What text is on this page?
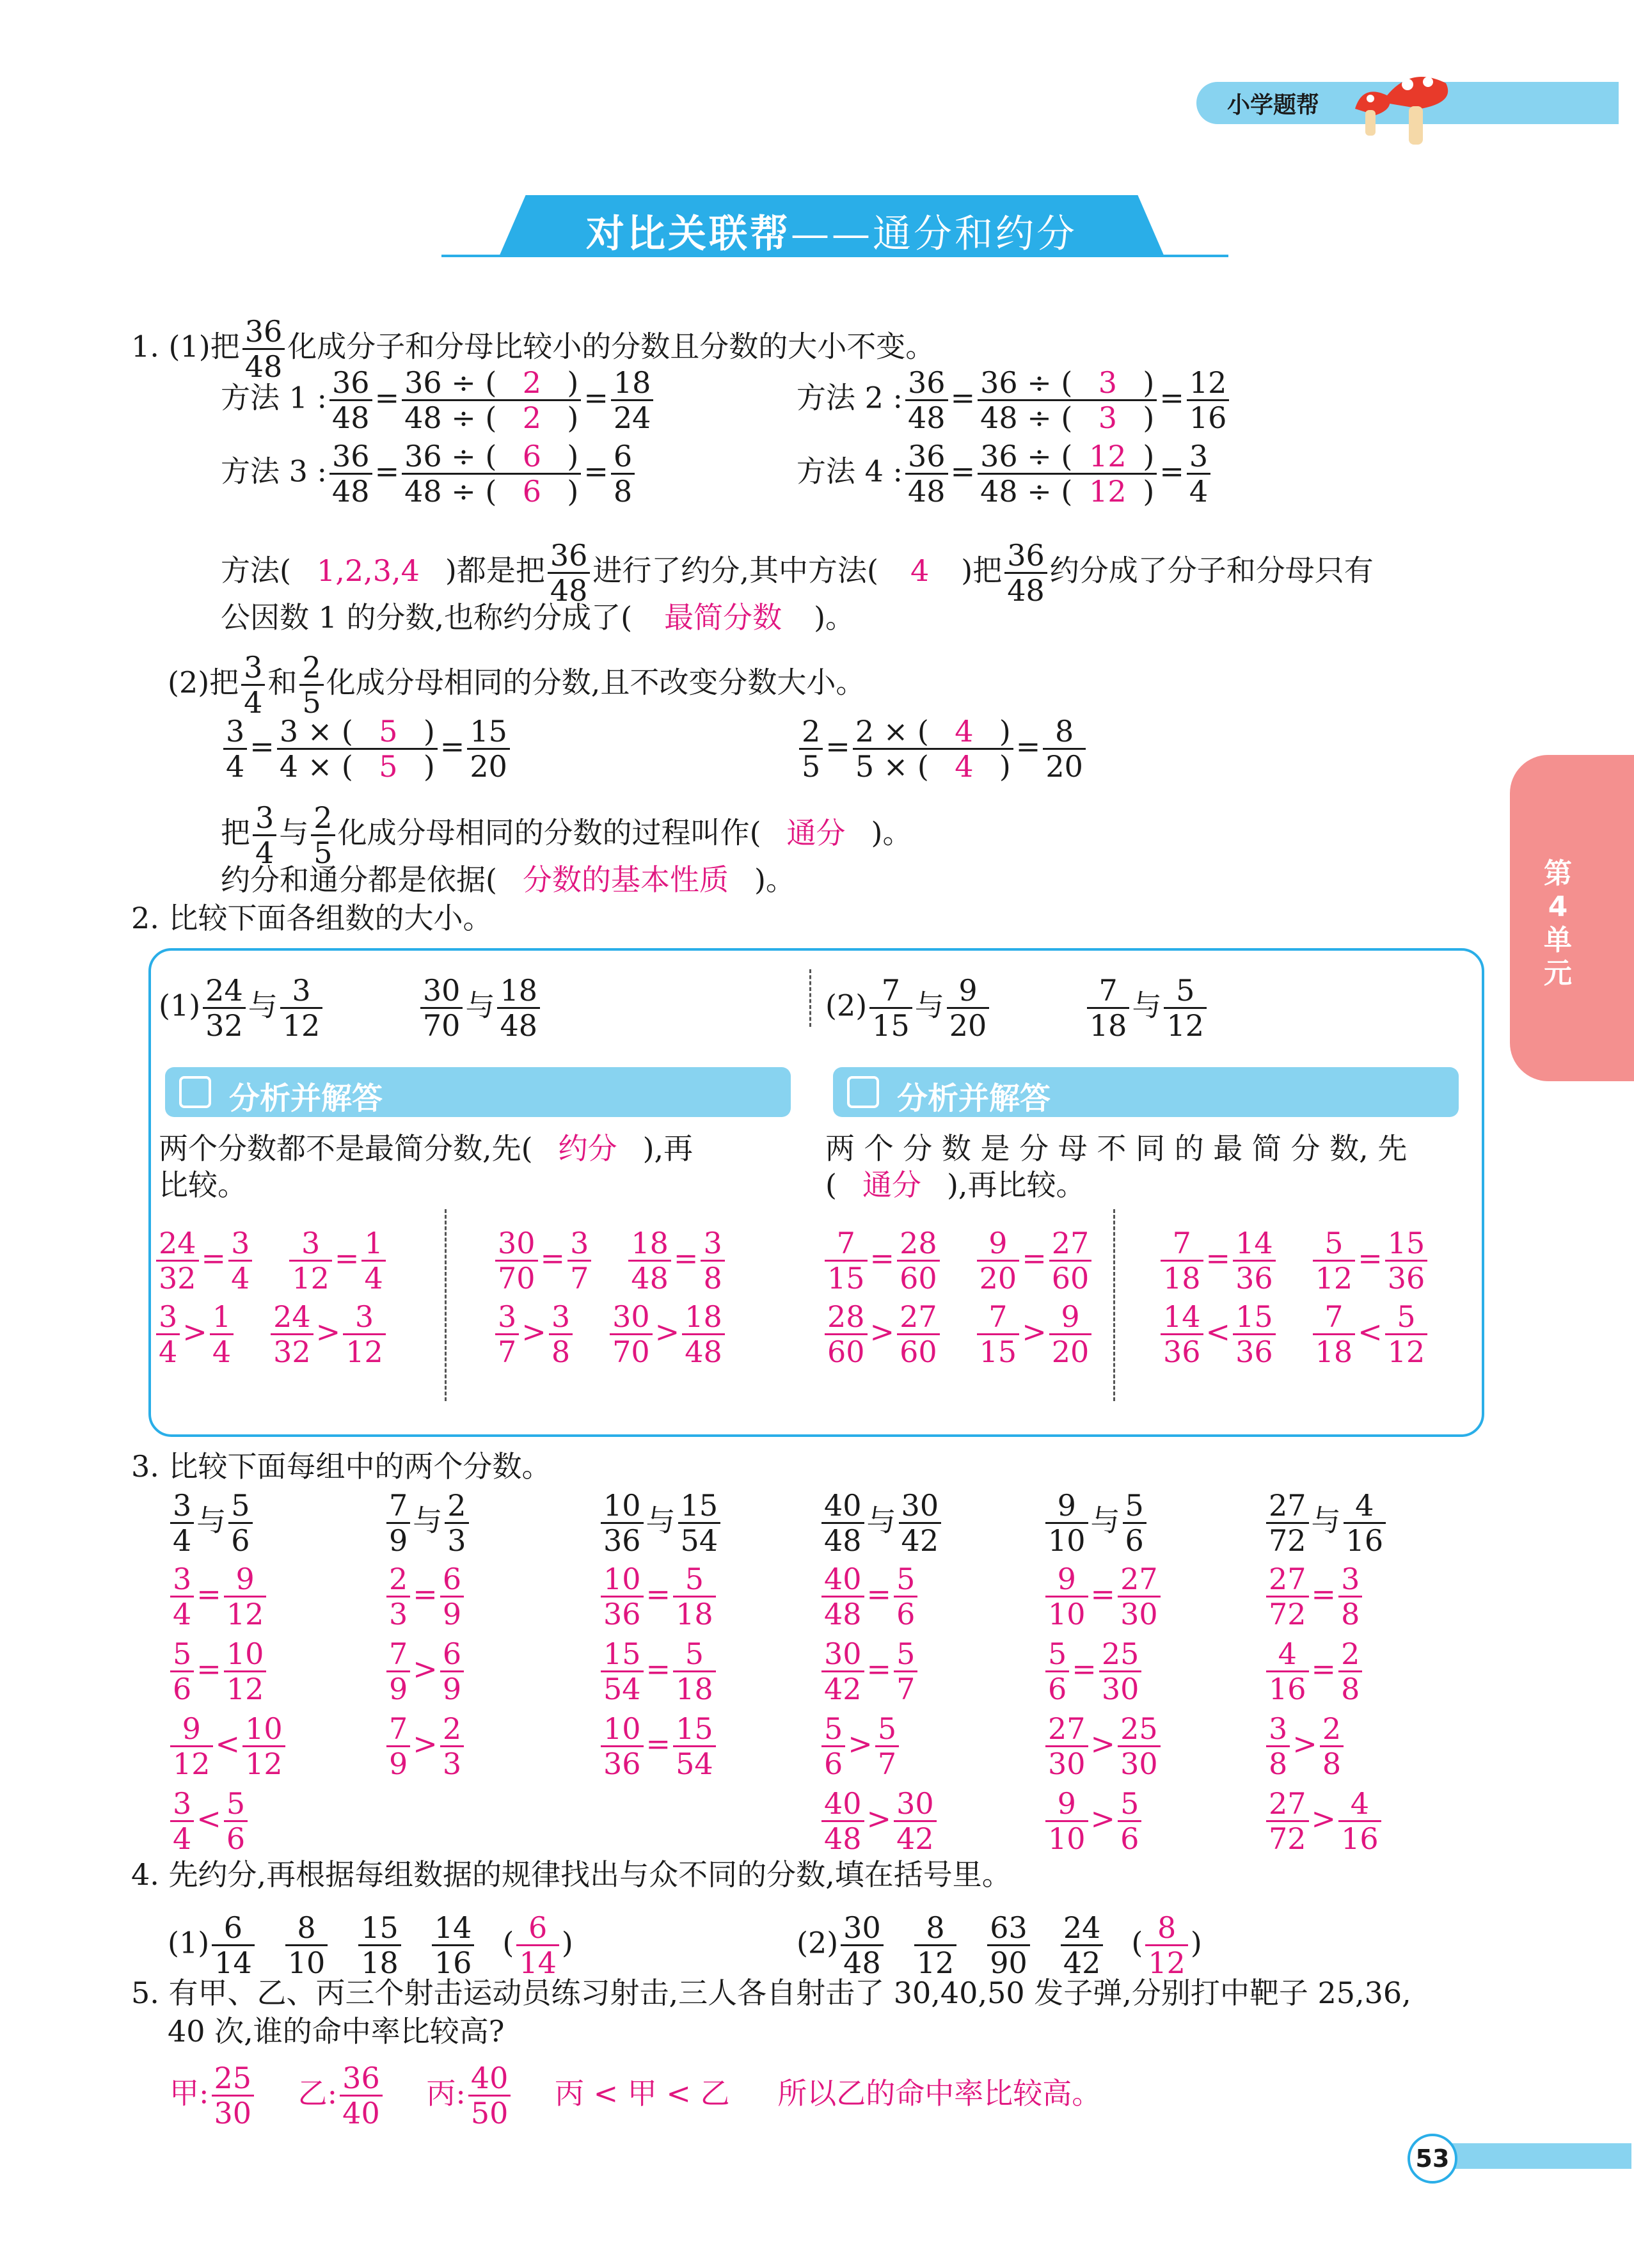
小学题帮
对比关联帮——通分和约分
第4单元
1. (1)把 $\frac{36}{48}$ 化成分子和分母比较小的分数且分数的大小不变。
方法( 1,2,3,4 )都是把 $\frac{36}{48}$ 进行了约分,其中方法( 4 )把 $\frac{36}{48}$ 约分成了分子和分母只有
公因数 1 的分数,也称约分成了( 最简分数 )。
(2)把 $\frac{3}{4}$ 和 $\frac{2}{5}$ 化成分母相同的分数,且不改变分数大小。
把 $\frac{3}{4}$ 与 $\frac{2}{5}$ 化成分母相同的分数的过程叫作( 通分 )。
约分和通分都是依据( 分数的基本性质 )。
2. 比较下面各组数的大小。
$(1) \frac{24}{32}$ 与 $\frac{3}{12}$
	$\frac{30}{70}$ 与 $\frac{18}{48}$	$(2) \frac{7}{15}$ 与 $\frac{9}{20}$
	$\frac{7}{18}$ 与 $\frac{5}{12}$
分析并解答	分析并解答
两个分数都不是最简分数,先( 约分 ),再
比较。
两 个 分 数 是 分 母 不 同 的 最 简 分 数, 先
( 通分 ),再比较。
3. 比较下面每组中的两个分数。
4. 先约分,再根据每组数据的规律找出与众不同的分数,填在括号里。
5. 有甲、乙、丙三个射击运动员练习射击,三人各自射击了 30,40,50 发子弹,分别打中靶子 25,36,
40 次,谁的命中率比较高?
甲: $\frac{25}{30}$ 乙: $\frac{36}{40}$ 丙: $\frac{40}{50}$ 丙 < 甲 < 乙 所以乙的命中率比较高。
53
方法 1 : $\frac{36}{48} = \frac{36 \div ( 2 )}{48 \div ( 2 )} = \frac{18}{24}$	方法 2 : $\frac{36}{48} = \frac{36 \div ( 3 )}{48 \div ( 3 )} = \frac{12}{16}$
方法 3 : $\frac{36}{48} = \frac{36 \div ( 6 )}{48 \div ( 6 )} = \frac{6}{8}$	方法 4 : $\frac{36}{48} = \frac{36 \div ( 12 )}{48 \div ( 12 )} = \frac{3}{4}$
$\frac{3}{4} = \frac{3 \times ( 5 )}{4 \times ( 5 )} = \frac{15}{20}$	$\frac{2}{5} = \frac{2 \times ( 4 )}{5 \times ( 4 )} = \frac{8}{20}$
$\frac{24}{32} = \frac{3}{4} \frac{3}{12} = \frac{1}{4}$
$\frac{3}{4} > \frac{1}{4} \frac{24}{32} > \frac{3}{12}$
$\frac{30}{70} = \frac{3}{7} \frac{18}{48} = \frac{3}{8}$
$\frac{3}{7} > \frac{3}{8} \frac{30}{70} > \frac{18}{48}$
$\frac{7}{15} = \frac{28}{60} \frac{9}{20} = \frac{27}{60}$
$\frac{28}{60} > \frac{27}{60} \frac{7}{15} > \frac{9}{20}$
$\frac{7}{18} = \frac{14}{36} \frac{5}{12} = \frac{15}{36}$
$\frac{14}{36} < \frac{15}{36} \frac{7}{18} < \frac{5}{12}$
$\frac{3}{4}$ 与 $\frac{5}{6}$
$\frac{3}{4} = \frac{9}{12}$
$\frac{5}{6} = \frac{10}{12}$
$\frac{9}{12} < \frac{10}{12}$
$\frac{3}{4} < \frac{5}{6}$
$\frac{7}{9}$ 与 $\frac{2}{3}$
$\frac{2}{3} = \frac{6}{9}$
$\frac{7}{9} > \frac{6}{9}$
$\frac{7}{9} > \frac{2}{3}$
$\frac{10}{36}$ 与 $\frac{15}{54}$
$\frac{10}{36} = \frac{5}{18}$
$\frac{15}{54} = \frac{5}{18}$
$\frac{10}{36} = \frac{15}{54}$
$\frac{40}{48}$ 与 $\frac{30}{42}$
$\frac{40}{48} = \frac{5}{6}$
$\frac{30}{42} = \frac{5}{7}$
$\frac{5}{6} > \frac{5}{7}$
$\frac{40}{48} > \frac{30}{42}$
$\frac{9}{10}$ 与 $\frac{5}{6}$
$\frac{9}{10} = \frac{27}{30}$
$\frac{5}{6} = \frac{25}{30}$
$\frac{27}{30} > \frac{25}{30}$
$\frac{9}{10} > \frac{5}{6}$
$\frac{27}{72}$ 与 $\frac{4}{16}$
$\frac{27}{72} = \frac{3}{8}$
$\frac{4}{16} = \frac{2}{8}$
$\frac{3}{8} > \frac{2}{8}$
$\frac{27}{72} > \frac{4}{16}$
$(1) \frac{6}{14} \frac{8}{10} \frac{15}{18} \frac{14}{16}$ ( $\frac{6}{14}$ )	$(2) \frac{30}{48} \frac{8}{12} \frac{63}{90} \frac{24}{42}$ ( $\frac{8}{12}$ )
